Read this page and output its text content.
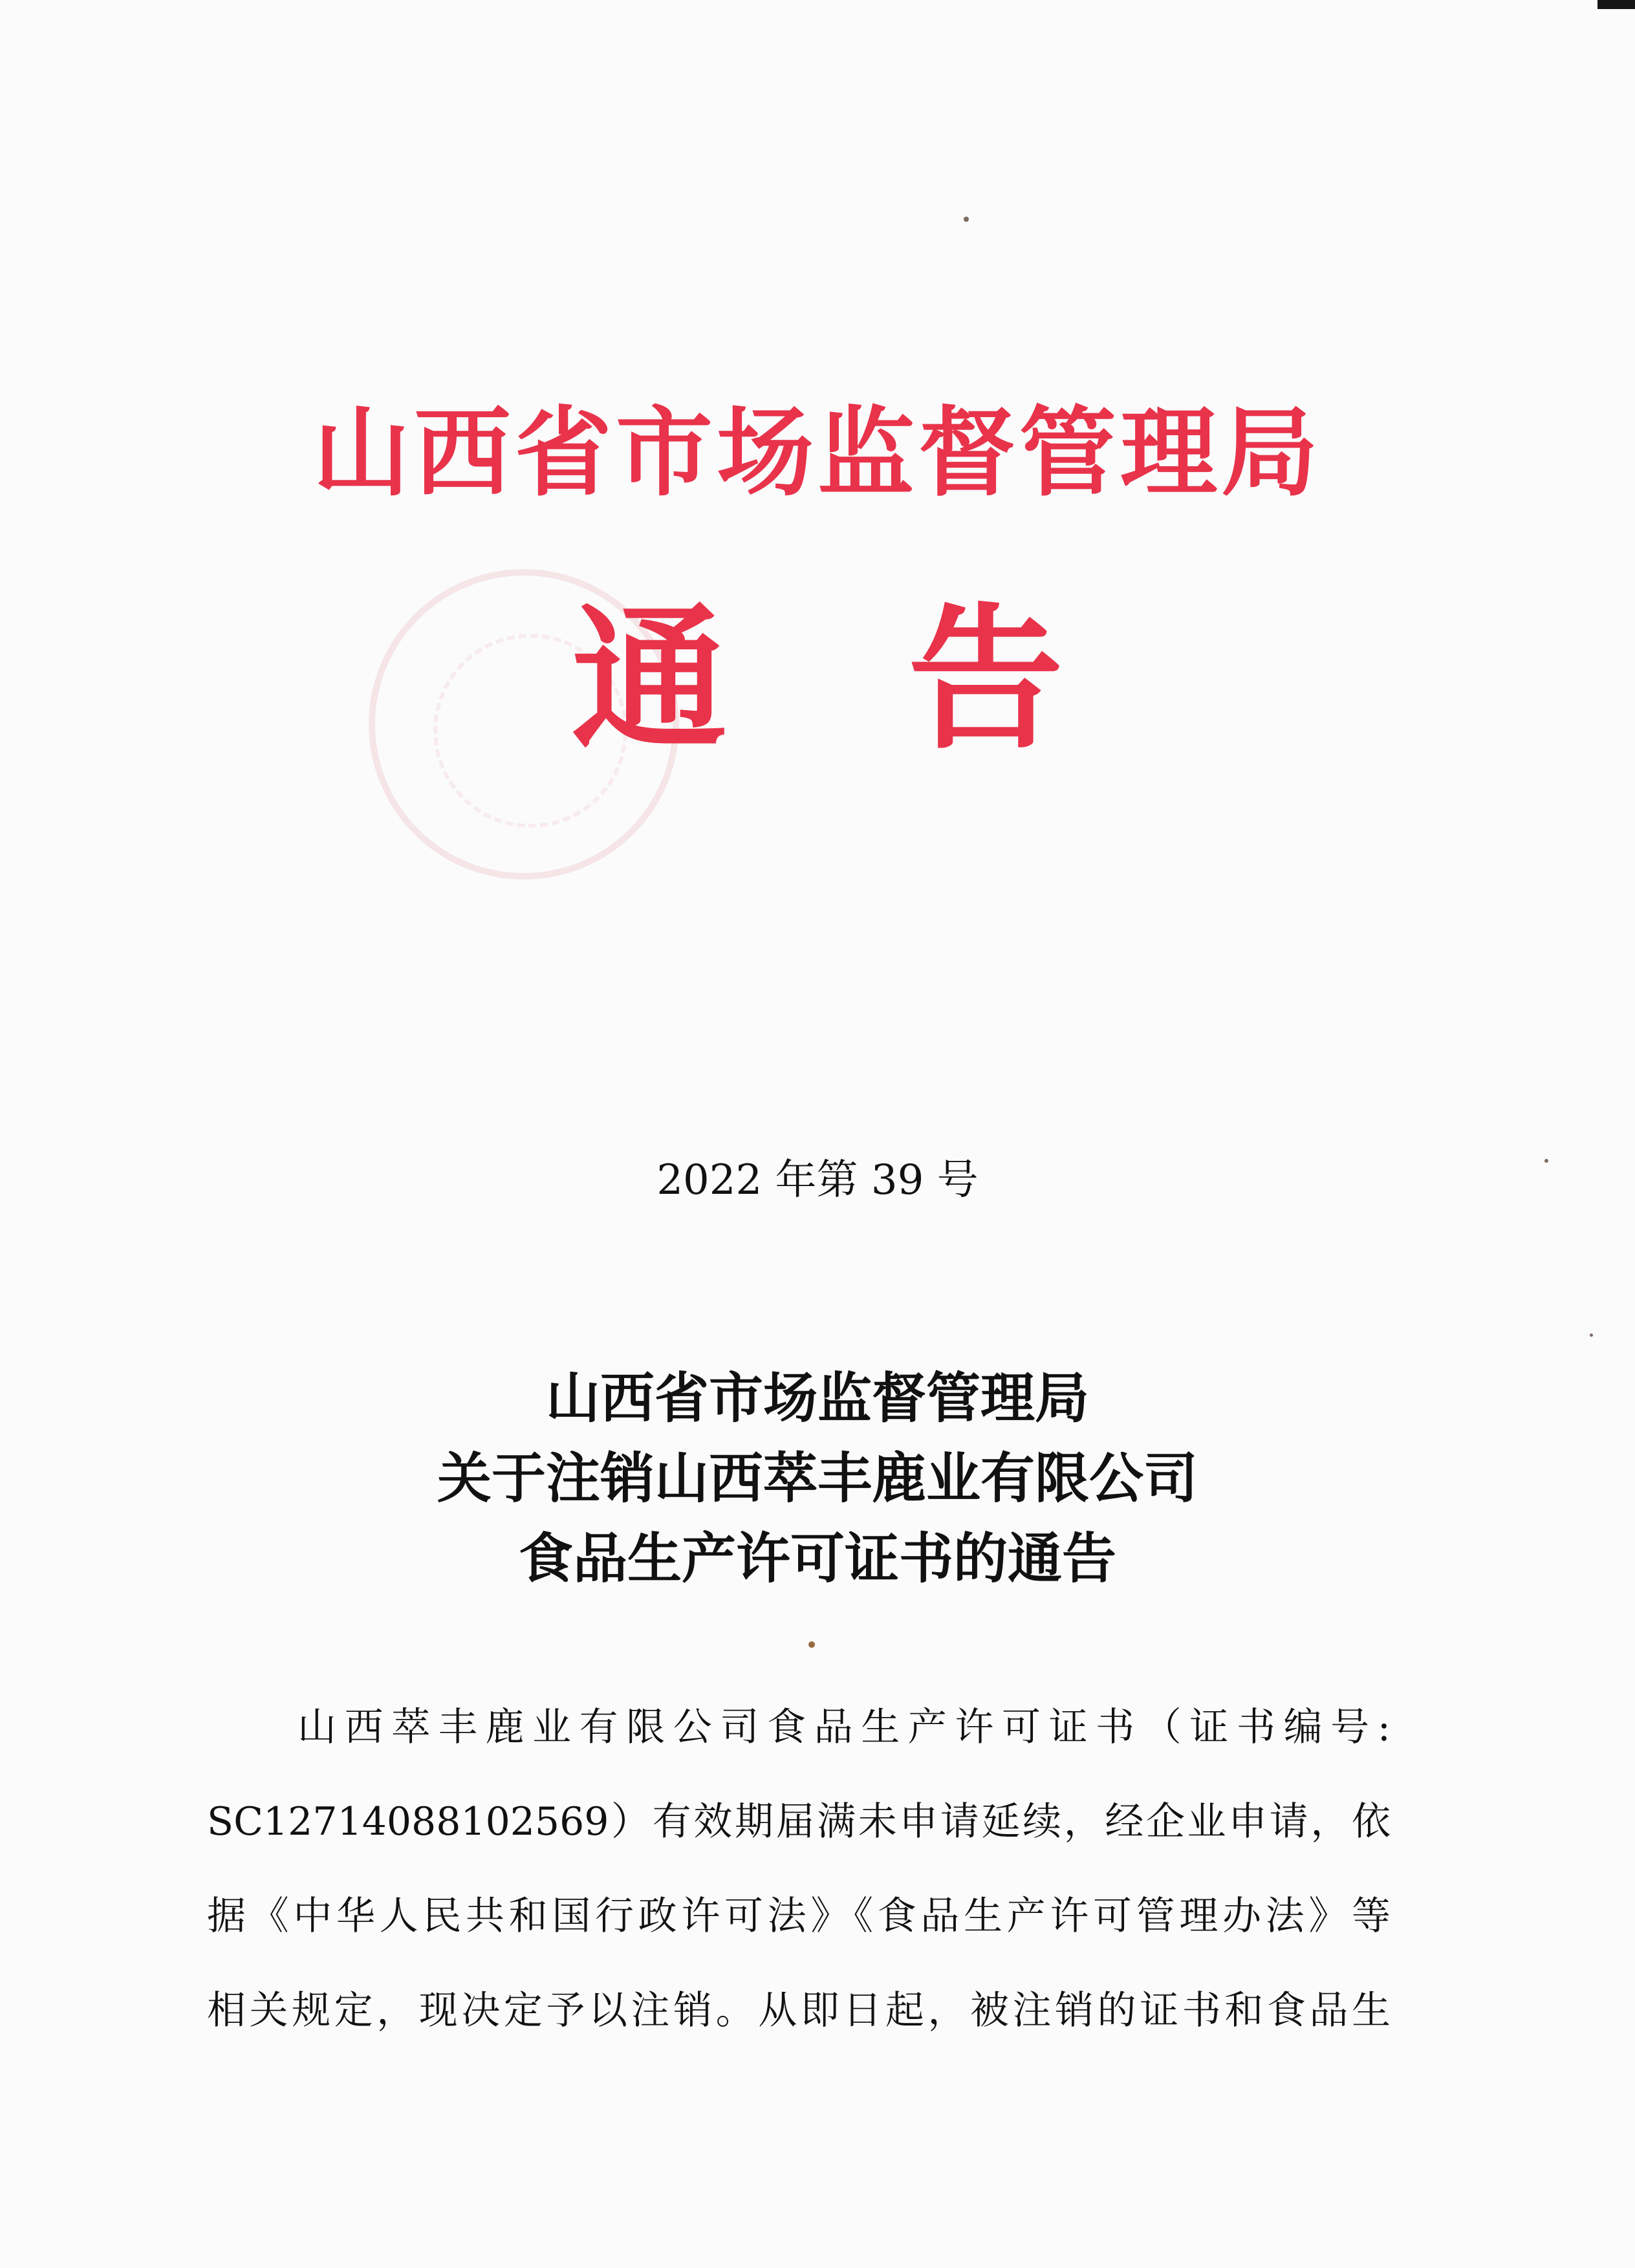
山西省市场监督管理局
通 告
2022 年第 39 号
山西省市场监督管理局
关于注销山西萃丰鹿业有限公司
食品生产许可证书的通告
山西萃丰鹿业有限公司食品生产许可证书（证书编号:
SC12714088102569）有效期届满未申请延续，经企业申请，依
据《中华人民共和国行政许可法》《食品生产许可管理办法》等
相关规定，现决定予以注销。从即日起，被注销的证书和食品生
